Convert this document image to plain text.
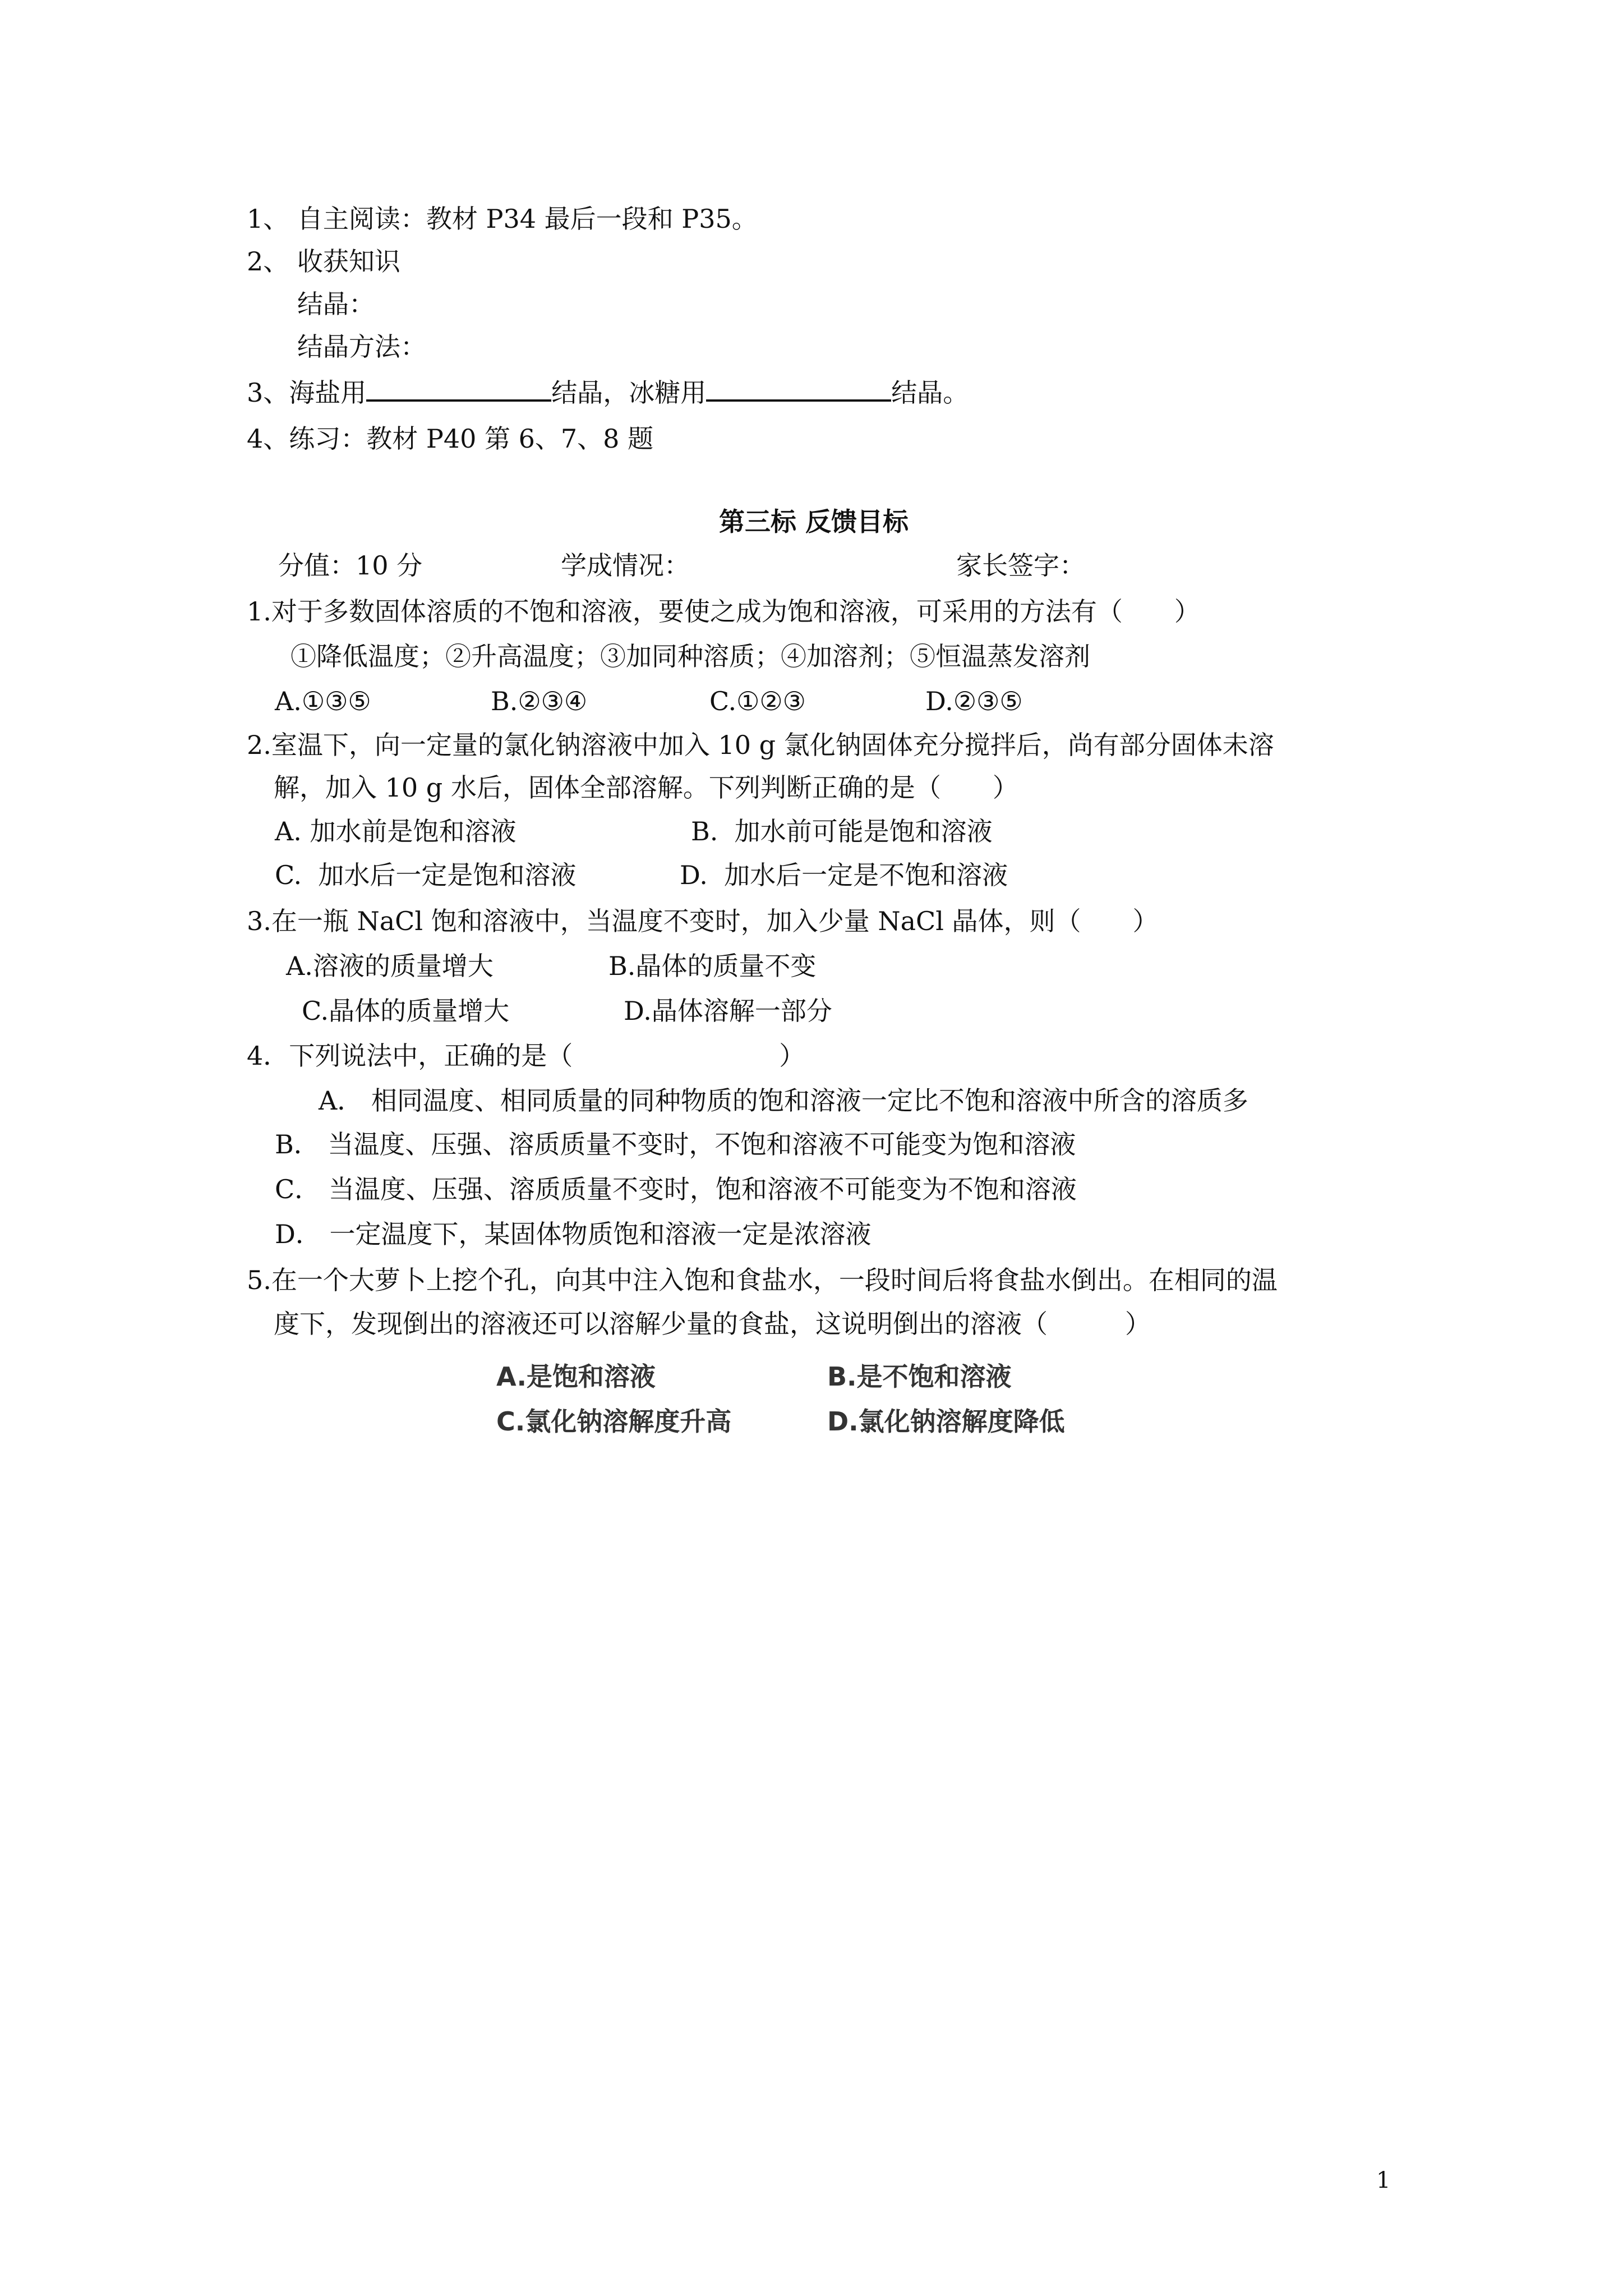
1、 自主阅读：教材 P34 最后一段和 P35。
2、 收获知识
结晶：
结晶方法：
3、海盐用	结晶，冰糖用	结晶。
4、练习：教材 P40 第 6、7、8 题
第三标 反馈目标
分值：10 分	学成情况：	家长签字：
1.对于多数固体溶质的不饱和溶液，要使之成为饱和溶液，可采用的方法有（　　）
①降低温度；②升高温度；③加同种溶质；④加溶剂；⑤恒温蒸发溶剂
A.①③⑤	B.②③④	C.①②③	D.②③⑤
2.室温下，向一定量的氯化钠溶液中加入 10 g 氯化钠固体充分搅拌后，尚有部分固体未溶
解，加入 10 g 水后，固体全部溶解。下列判断正确的是（　　）
A. 加水前是饱和溶液	B.  加水前可能是饱和溶液
C.  加水后一定是饱和溶液	D.  加水后一定是不饱和溶液
3.在一瓶 NaCl 饱和溶液中，当温度不变时，加入少量 NaCl 晶体，则（　　）
A.溶液的质量增大	B.晶体的质量不变
C.晶体的质量增大	D.晶体溶解一部分
4．下列说法中，正确的是（　　　　　　　　）
A． 相同温度、相同质量的同种物质的饱和溶液一定比不饱和溶液中所含的溶质多
B． 当温度、压强、溶质质量不变时，不饱和溶液不可能变为饱和溶液
C． 当温度、压强、溶质质量不变时，饱和溶液不可能变为不饱和溶液
D． 一定温度下，某固体物质饱和溶液一定是浓溶液
5.在一个大萝卜上挖个孔，向其中注入饱和食盐水，一段时间后将食盐水倒出。在相同的温
度下，发现倒出的溶液还可以溶解少量的食盐，这说明倒出的溶液（　　　）
A.是饱和溶液	B.是不饱和溶液
C.氯化钠溶解度升高	D.氯化钠溶解度降低
1
